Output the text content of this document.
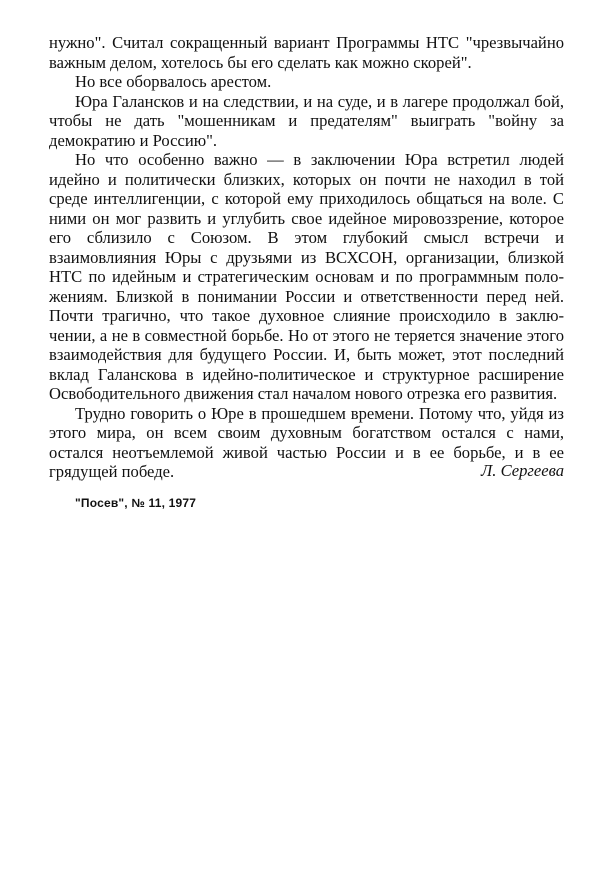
нужно". Считал сокращенный вариант Программы НТС "чрезвычайно важным делом, хотелось бы его сделать как можно скорей".

Но все оборвалось арестом.

Юра Галансков и на следствии, и на суде, и в лагере продолжал бой, чтобы не дать "мошенникам и предателям" выиграть "войну за демократию и Россию".

Но что особенно важно — в заключении Юра встретил людей идейно и политически близких, которых он почти не находил в той среде интеллигенции, с которой ему приходилось общаться на воле. С ними он мог развить и углубить свое идейное мировоззрение, которое его сблизило с Союзом. В этом глубокий смысл встречи и взаимовлияния Юры с друзьями из ВСХСОН, организации, близкой НТС по идейным и стратегическим основам и по программным положениям. Близкой в понимании России и ответственности перед ней. Почти трагично, что такое духовное слияние происходило в заключении, а не в совместной борьбе. Но от этого не теряется значение этого взаимодействия для будущего России. И, быть может, этот последний вклад Галанскова в идейно-политическое и структурное расширение Освободительного движения стал началом нового отрезка его развития.

Трудно говорить о Юре в прошедшем времени. Потому что, уйдя из этого мира, он всем своим духовным богатством остался с нами, остался неотъемлемой живой частью России и в ее борьбе, и в ее грядущей победе.	Л. Сергеева
"Посев", № 11, 1977
